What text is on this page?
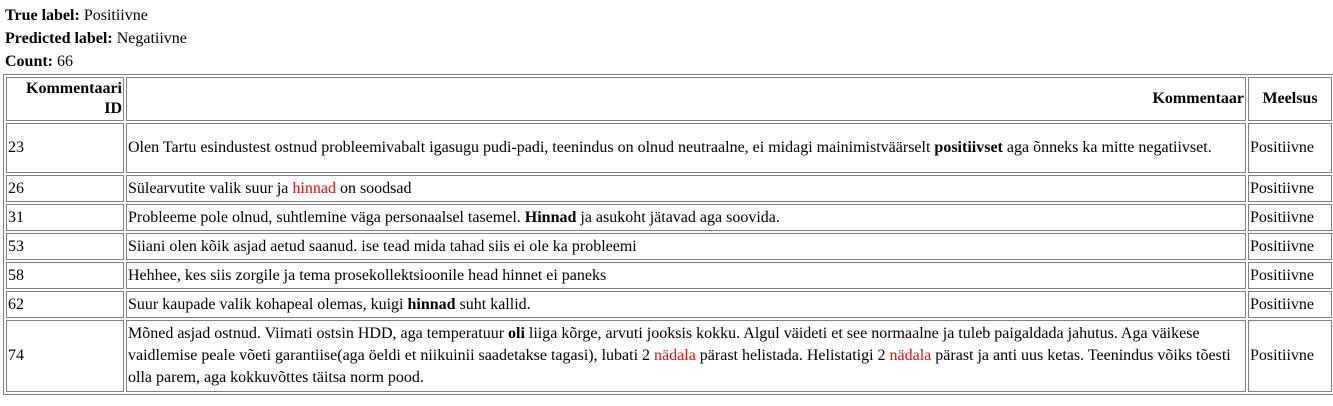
True label: Positiivne
Predicted label: Negatiivne
Count: 66
Kommentaari
ID	Kommentaar	Meelsus
23	Olen Tartu esindustest ostnud probleemivabalt igasugu pudi-padi, teenindus on olnud neutraalne, ei midagi mainimistväärselt positiivset aga õnneks ka mitte negatiivset.	Positiivne
26	Sülearvutite valik suur ja hinnad on soodsad	Positiivne
31	Probleeme pole olnud, suhtlemine väga personaalsel tasemel. Hinnad ja asukoht jätavad aga soovida.	Positiivne
53	Siiani olen kõik asjad aetud saanud. ise tead mida tahad siis ei ole ka probleemi	Positiivne
58	Hehhee, kes siis zorgile ja tema prosekollektsioonile head hinnet ei paneks	Positiivne
62	Suur kaupade valik kohapeal olemas, kuigi hinnad suht kallid.	Positiivne
74	Mõned asjad ostnud. Viimati ostsin HDD, aga temperatuur oli liiga kõrge, arvuti jooksis kokku. Algul väideti et see normaalne ja tuleb paigaldada jahutus. Aga väikese vaidlemise peale võeti garantiise(aga öeldi et niikuinii saadetakse tagasi), lubati 2 nädala pärast helistada. Helistatigi 2 nädala pärast ja anti uus ketas. Teenindus võiks tõesti olla parem, aga kokkuvõttes täitsa norm pood.	Positiivne
